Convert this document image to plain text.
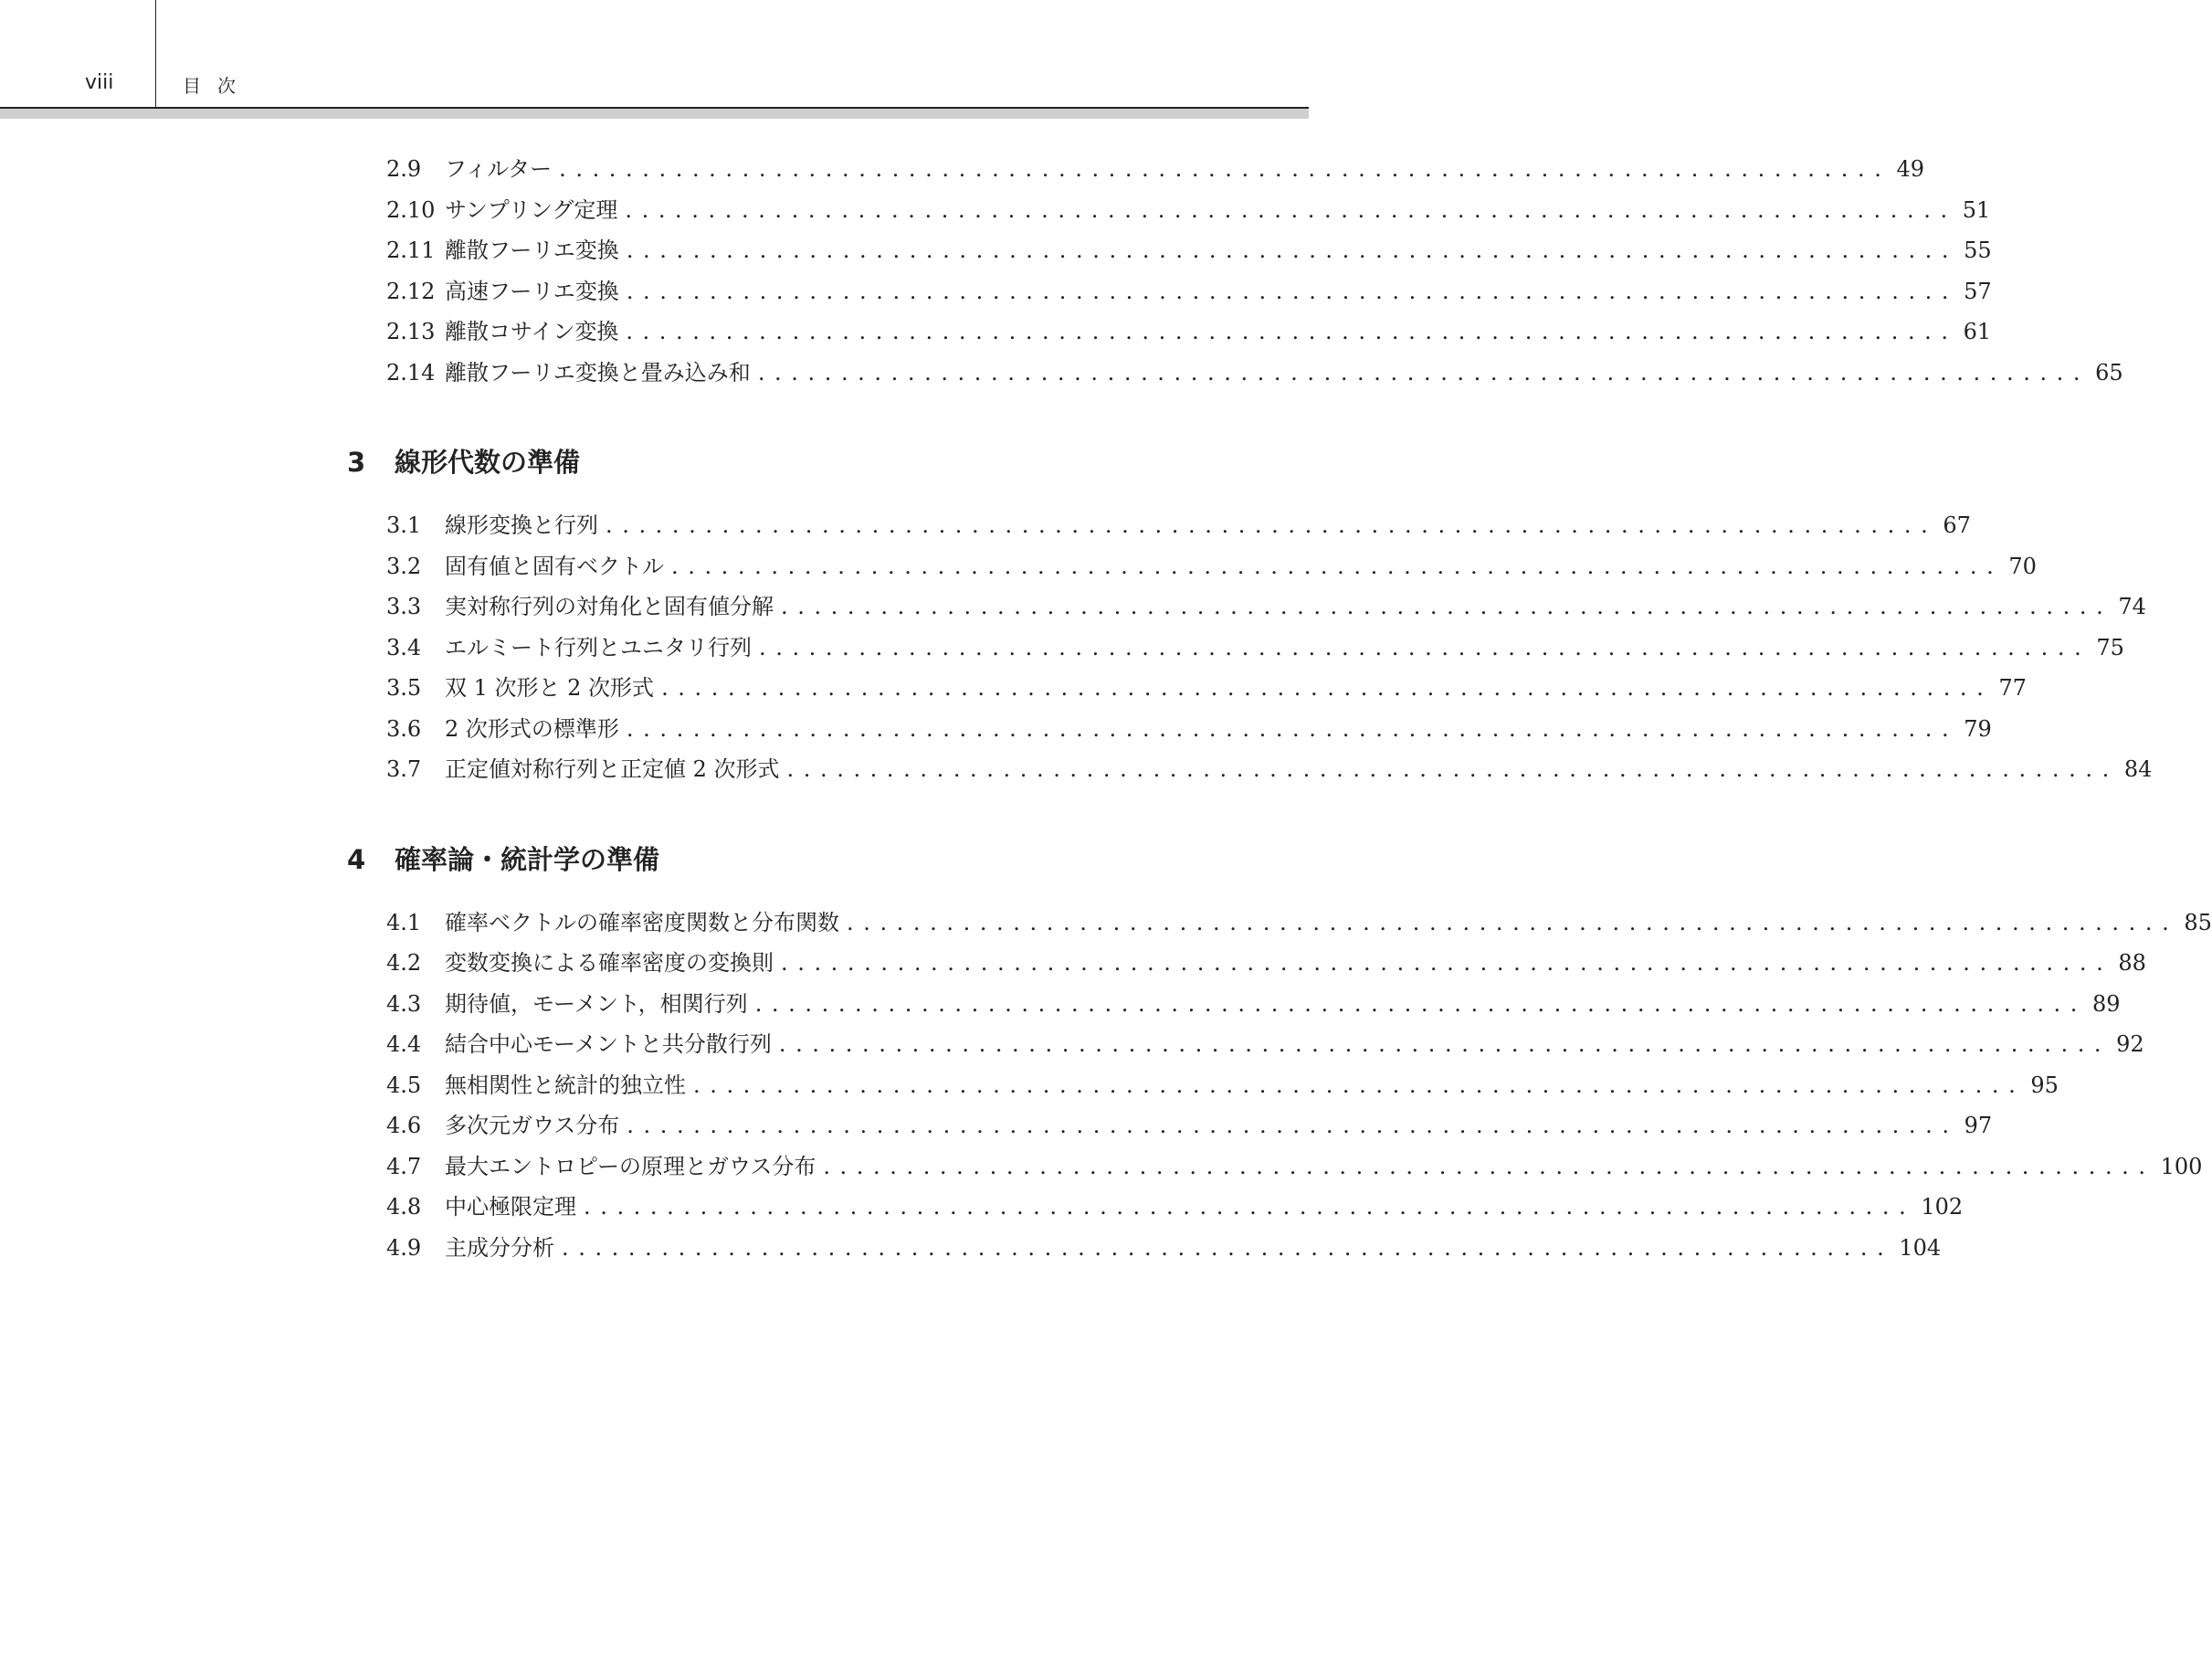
viii	目次
2.9 フィルター ................................................................................ 49
2.10 サンプリング定理 ................................................................................ 51
2.11 離散フーリエ変換 ................................................................................ 55
2.12 高速フーリエ変換 ................................................................................ 57
2.13 離散コサイン変換 ................................................................................ 61
2.14 離散フーリエ変換と畳み込み和 ................................................................................ 65
3	線形代数の準備
3.1 線形変換と行列 ................................................................................ 67
3.2 固有値と固有ベクトル ................................................................................ 70
3.3 実対称行列の対角化と固有値分解 ................................................................................ 74
3.4 エルミート行列とユニタリ行列 ................................................................................ 75
3.5 双 1 次形と 2 次形式 ................................................................................ 77
3.6 2 次形式の標準形 ................................................................................ 79
3.7 正定値対称行列と正定値 2 次形式 ................................................................................ 84
4	確率論・統計学の準備
4.1 確率ベクトルの確率密度関数と分布関数 ................................................................................ 85
4.2 変数変換による確率密度の変換則 ................................................................................ 88
4.3 期待値，モーメント，相関行列 ................................................................................ 89
4.4 結合中心モーメントと共分散行列 ................................................................................ 92
4.5 無相関性と統計的独立性 ................................................................................ 95
4.6 多次元ガウス分布 ................................................................................ 97
4.7 最大エントロピーの原理とガウス分布 ................................................................................ 100
4.8 中心極限定理 ................................................................................ 102
4.9 主成分分析 ................................................................................ 104
